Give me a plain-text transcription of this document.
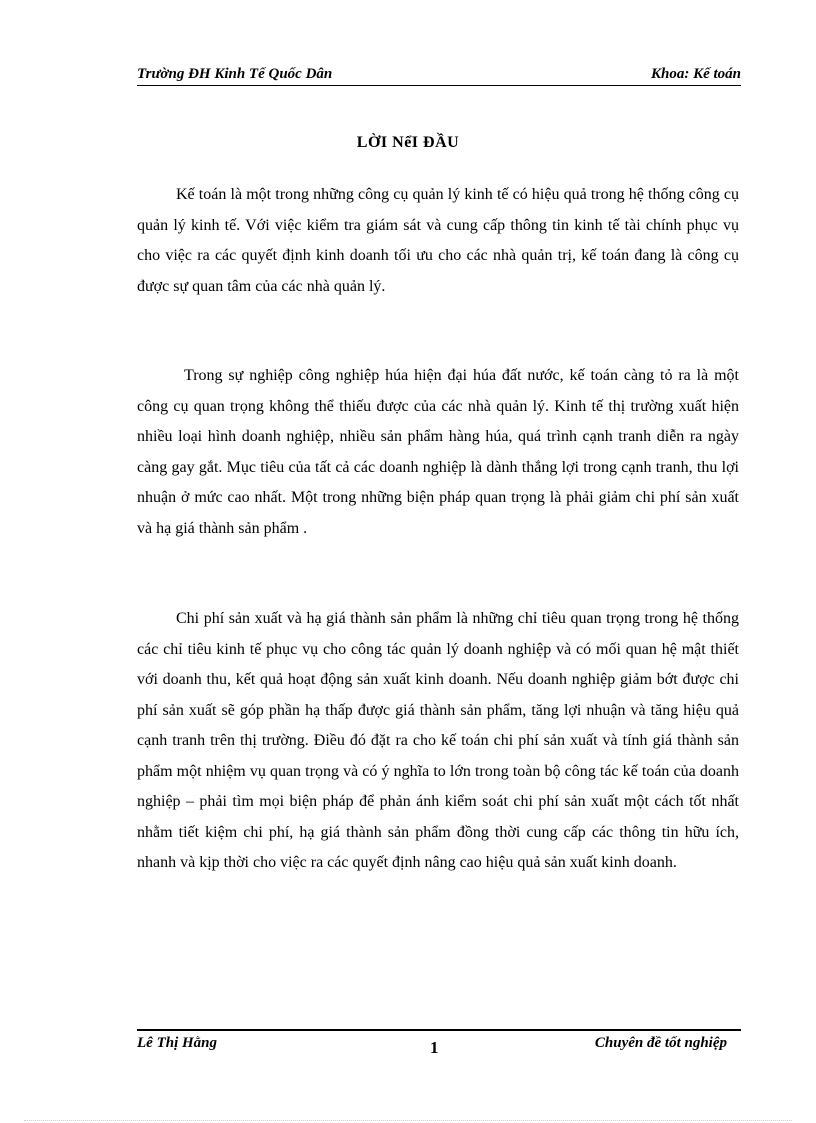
Trường ĐH Kinh Tế Quốc Dân	Khoa: Kế toán
LỜI NểI ĐẦU

Kế toán là một trong những công cụ quản lý kinh tế có hiệu quả trong hệ thống công cụ quản lý kinh tế. Với việc kiểm tra giám sát và cung cấp thông tin kinh tế tài chính phục vụ cho việc ra các quyết định kinh doanh tối ưu cho các nhà quản trị, kế toán đang là công cụ được sự quan tâm của các nhà quản lý.

Trong sự nghiệp công nghiệp húa hiện đại húa đất nước, kế toán càng tỏ ra là một công cụ quan trọng không thể thiếu được của các nhà quản lý. Kinh tế thị trường xuất hiện nhiều loại hình doanh nghiệp, nhiều sản phẩm hàng húa, quá trình cạnh tranh diễn ra ngày càng gay gắt. Mục tiêu của tất cả các doanh nghiệp là dành thắng lợi trong cạnh tranh, thu lợi nhuận ở mức cao nhất. Một trong những biện pháp quan trọng là phải giảm chi phí sản xuất và hạ giá thành sản phẩm .

Chi phí sản xuất và hạ giá thành sản phẩm là những chỉ tiêu quan trọng trong hệ thống các chỉ tiêu kinh tế phục vụ cho công tác quản lý doanh nghiệp và có mối quan hệ mật thiết với doanh thu, kết quả hoạt động sản xuất kinh doanh. Nếu doanh nghiệp giảm bớt được chi phí sản xuất sẽ góp phần hạ thấp được giá thành sản phẩm, tăng lợi nhuận và tăng hiệu quả cạnh tranh trên thị trường. Điều đó đặt ra cho kế toán chi phí sản xuất và tính giá thành sản phẩm một nhiệm vụ quan trọng và có ý nghĩa to lớn trong toàn bộ công tác kế toán của doanh nghiệp – phải tìm mọi biện pháp để phản ánh kiểm soát chi phí sản xuất một cách tốt nhất nhằm tiết kiệm chi phí, hạ giá thành sản phẩm đồng thời cung cấp các thông tin hữu ích, nhanh và kịp thời cho việc ra các quyết định nâng cao hiệu quả sản xuất kinh doanh.

Lê Thị Hằng	1	Chuyên đề tốt nghiệp
